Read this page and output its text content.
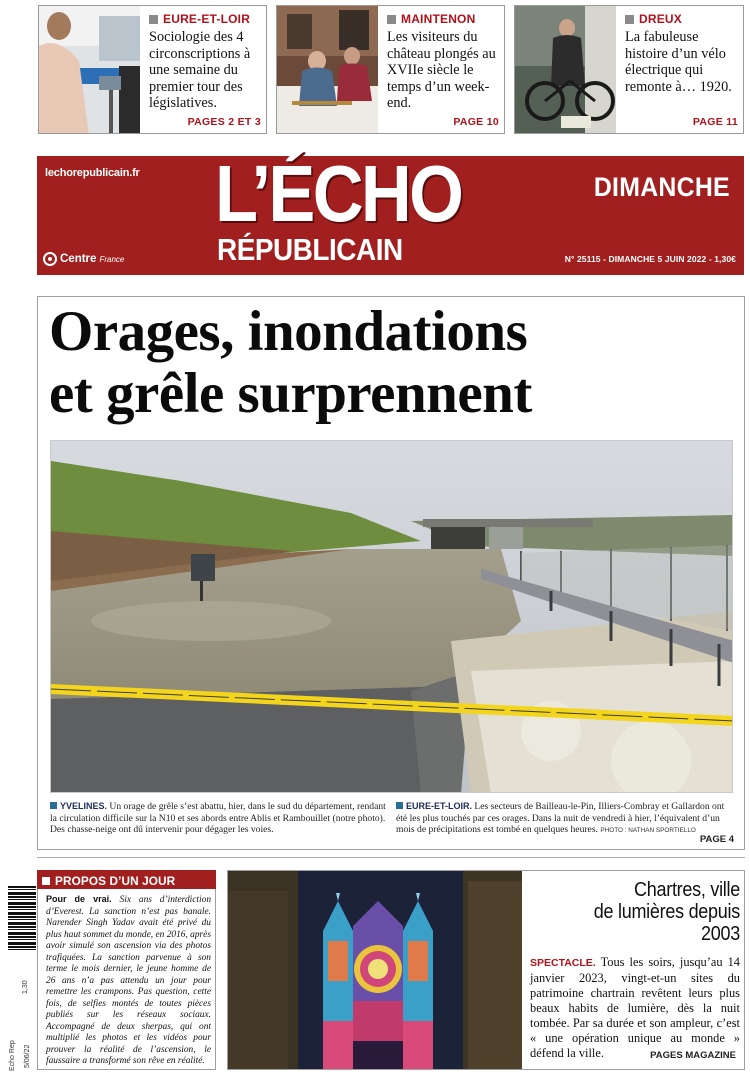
EURE-ET-LOIR
Sociologie des 4 circonscriptions à une semaine du premier tour des législatives.
PAGES 2 ET 3
MAINTENON
Les visiteurs du château plongés au XVIIe siècle le temps d’un week-end.
PAGE 10
DREUX
La fabuleuse histoire d’un vélo électrique qui remonte à… 1920.
PAGE 11
lechorepublicain.fr L’ÉCHO
RÉPUBLICAIN
DIMANCHE
N° 25115 - DIMANCHE 5 JUIN 2022 - 1,30€
Centre France
Orages, inondations
et grêle surprennent
YVELINES. Un orage de grêle s’est abattu, hier, dans le sud du département, rendant la circulation difficile sur la N10 et ses abords entre Ablis et Rambouillet (notre photo). Des chasse-neige ont dû intervenir pour dégager les voies.
EURE-ET-LOIR. Les secteurs de Bailleau-le-Pin, Illiers-Combray et Gallardon ont été les plus touchés par ces orages. Dans la nuit de vendredi à hier, l’équivalent d’un mois de précipitations est tombé en quelques heures. PHOTO : NATHAN SPORTIELLO
PAGE 4
1,30
Echo Rep 5/06/22
PROPOS D’UN JOUR
Pour de vrai. Six ans d’interdiction d’Everest. La sanction n’est pas banale. Narender Singh Yadav avait été privé du plus haut sommet du monde, en 2016, après avoir simulé son ascension via des photos trafiquées. La sanction parvenue à son terme le mois dernier, le jeune homme de 26 ans n’a pas attendu un jour pour remettre les crampons. Pas question, cette fois, de selfies montés de toutes pièces publiés sur les réseaux sociaux. Accompagné de deux sherpas, qui ont multiplié les photos et les vidéos pour prouver la réalité de l’ascension, le faussaire a transformé son rêve en réalité.
Chartres, ville
de lumières depuis 2003
SPECTACLE. Tous les soirs, jusqu’au 14 janvier 2023, vingt-et-un sites du patrimoine chartrain revêtent leurs plus beaux habits de lumière, dès la nuit tombée. Par sa durée et son ampleur, c’est « une opération unique au monde » défend la ville.	PAGES MAGAZINE
